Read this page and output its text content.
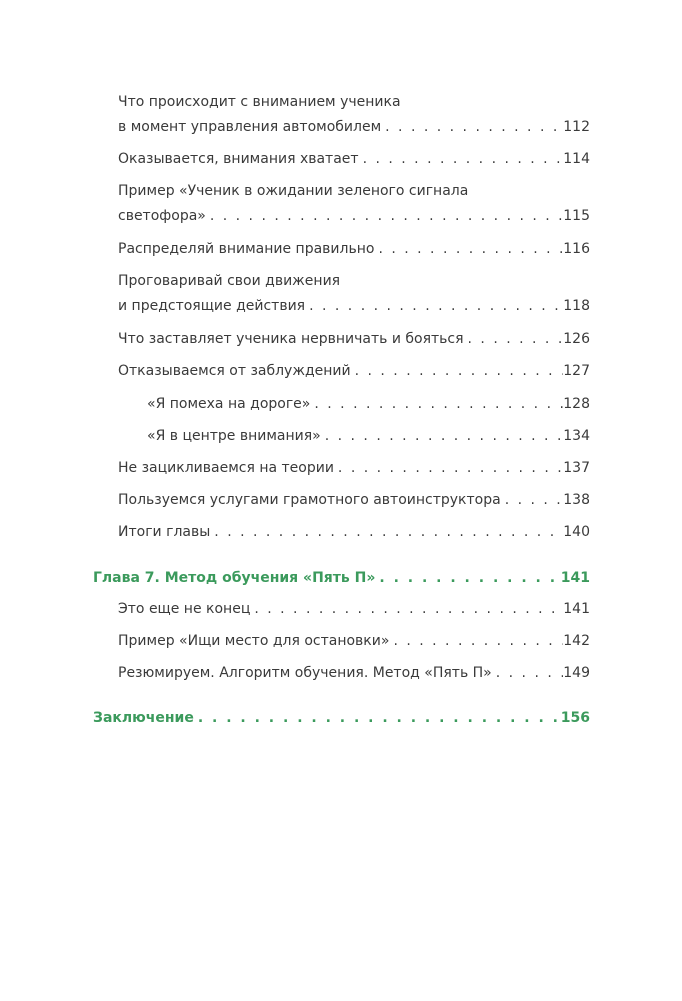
Что происходит с вниманием ученика
в момент управления автомобилем . . .	112
Оказывается, внимания хватает . . .	114
Пример «Ученик в ожидании зеленого сигнала
светофора» . . .	115
Распределяй внимание правильно . . .	116
Проговаривай свои движения
и предстоящие действия . . .	118
Что заставляет ученика нервничать и бояться . . .	126
Отказываемся от заблуждений . . .	127
«Я помеха на дороге» . . .	128
«Я в центре внимания» . . .	134
Не зацикливаемся на теории . . .	137
Пользуемся услугами грамотного автоинструктора . . .	138
Итоги главы . . .	140
Глава 7. Метод обучения «Пять П» . . .	141
Это еще не конец . . .	141
Пример «Ищи место для остановки» . . .	142
Резюмируем. Алгоритм обучения. Метод «Пять П» . . .	149
Заключение . . .	156
